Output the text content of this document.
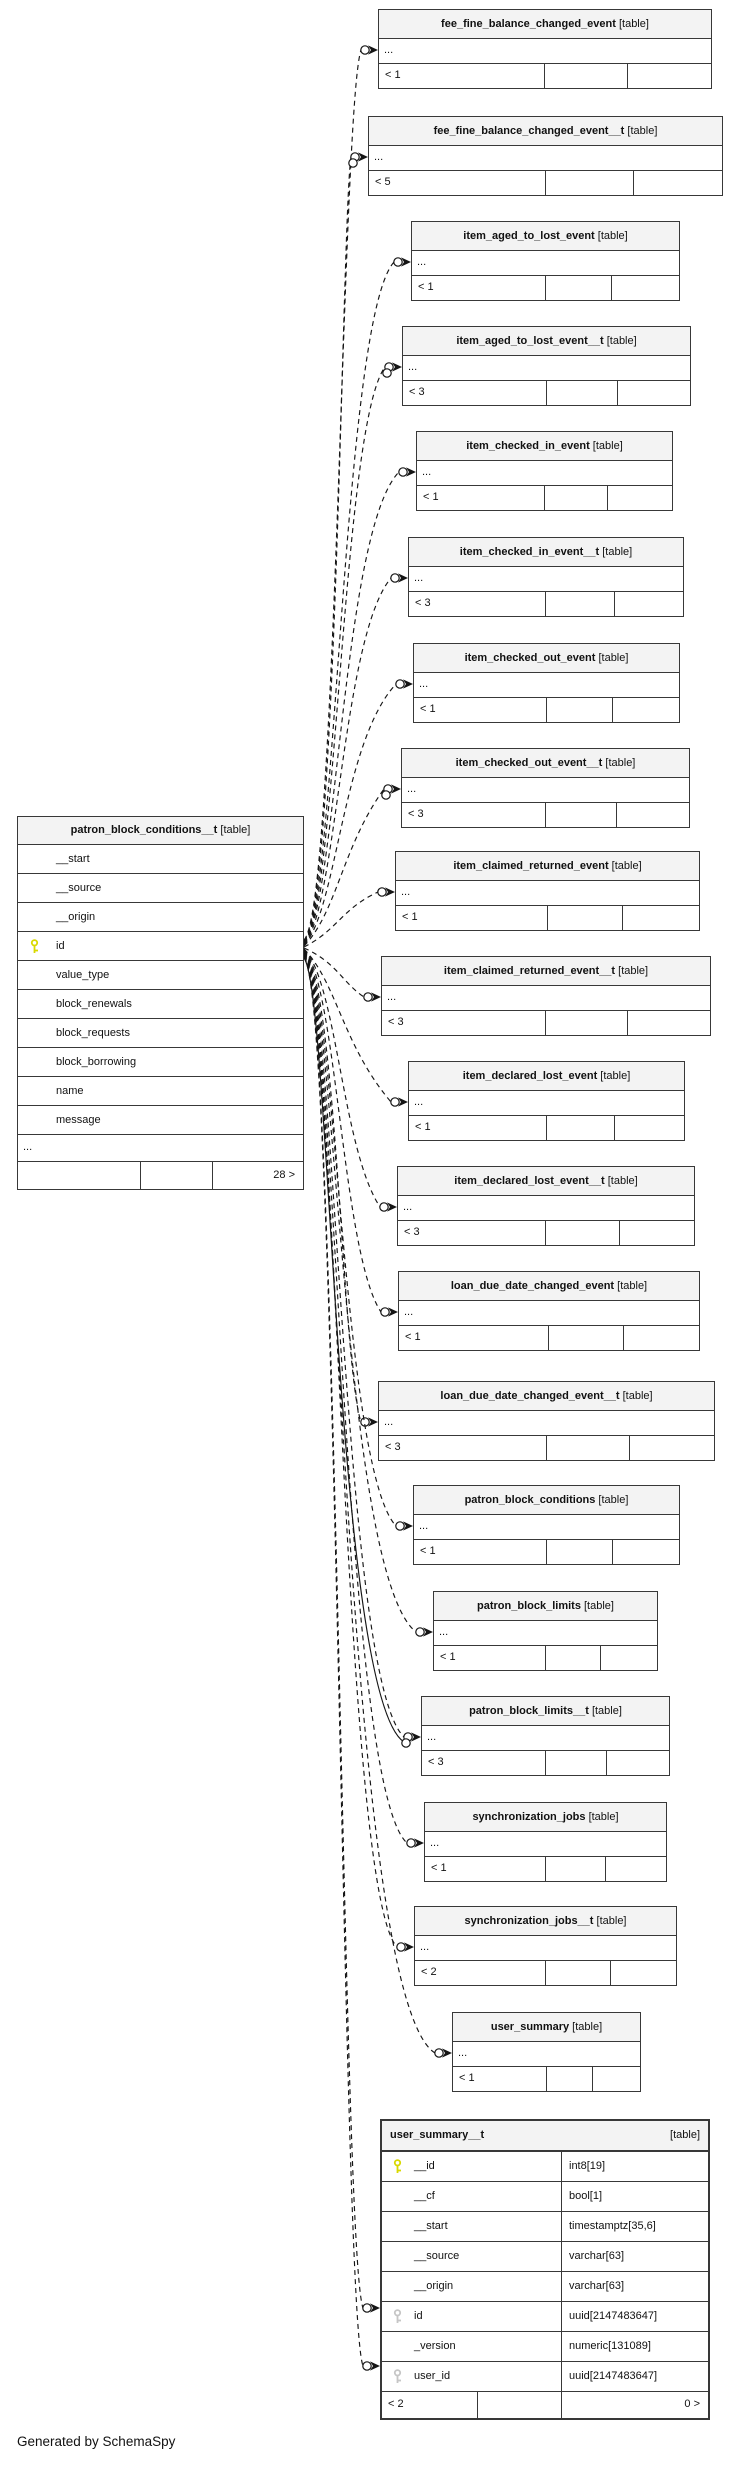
Generated by SchemaSpy
fee_fine_balance_changed_event [table]
...
< 1
fee_fine_balance_changed_event__t [table]
...
< 5
item_aged_to_lost_event [table]
...
< 1
item_aged_to_lost_event__t [table]
...
< 3
item_checked_in_event [table]
...
< 1
item_checked_in_event__t [table]
...
< 3
item_checked_out_event [table]
...
< 1
item_checked_out_event__t [table]
...
< 3
item_claimed_returned_event [table]
...
< 1
item_claimed_returned_event__t [table]
...
< 3
item_declared_lost_event [table]
...
< 1
item_declared_lost_event__t [table]
...
< 3
loan_due_date_changed_event [table]
...
< 1
loan_due_date_changed_event__t [table]
...
< 3
patron_block_conditions [table]
...
< 1
patron_block_limits [table]
...
< 1
patron_block_limits__t [table]
...
< 3
synchronization_jobs [table]
...
< 1
synchronization_jobs__t [table]
...
< 2
user_summary [table]
...
< 1
patron_block_conditions__t [table]
__start
__source
__origin
id
value_type
block_renewals
block_requests
block_borrowing
name
message
...
28 >
user_summary__t	[table]
__id	int8[19]
__cf	bool[1]
__start	timestamptz[35,6]
__source	varchar[63]
__origin	varchar[63]
id	uuid[2147483647]
_version	numeric[131089]
user_id	uuid[2147483647]
< 2	0 >
